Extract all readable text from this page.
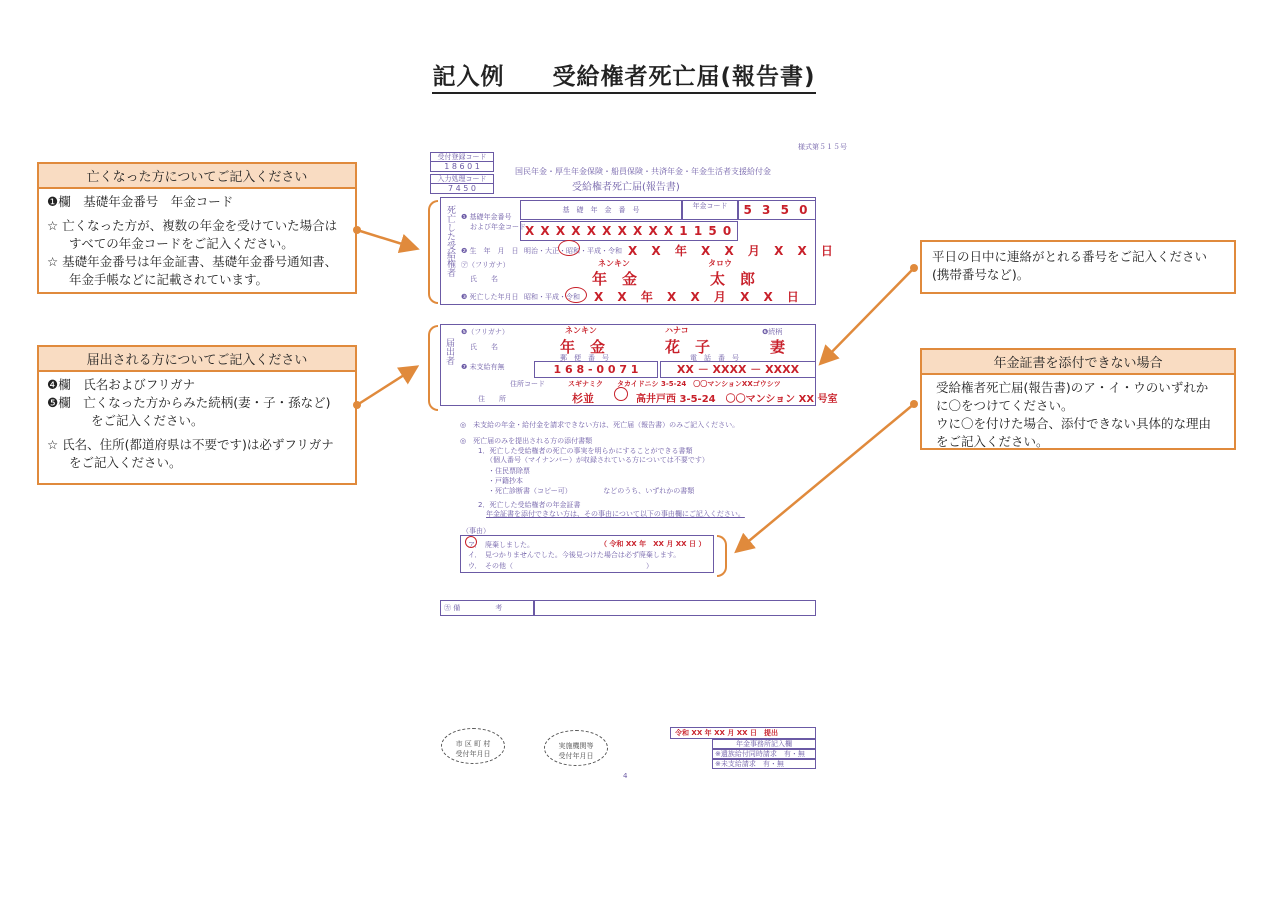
記入例　　受給権者死亡届(報告書)
亡くなった方についてご記入ください

❶欄　基礎年金番号　年金コード

☆ 亡くなった方が、複数の年金を受けていた場合は

すべての年金コードをご記入ください。

☆ 基礎年金番号は年金証書、基礎年金番号通知書、

年金手帳などに記載されています。

届出される方についてご記入ください

❹欄　氏名およびフリガナ

❺欄　亡くなった方からみた続柄(妻・子・孫など)

をご記入ください。

☆ 氏名、住所(都道府県は不要です)は必ずフリガナ

をご記入ください。

平日の日中に連絡がとれる番号をご記入ください(携帯番号など)。

年金証書を添付できない場合

受給権者死亡届(報告書)のア・イ・ウのいずれか

に〇をつけてください。

ウに〇を付けた場合、添付できない具体的な理由

をご記入ください。

様式第５１５号
受付登録コード
1 8 6 0 1
入力処理コード
7 4 5 0
国民年金・厚生年金保険・船員保険・共済年金・年金生活者支援給付金
受給権者死亡届(報告書)
死亡した受給権者 ❶ 基礎年金番号
および年金コード
基　礎　年　金　番　号	年金コード	5 3 5 0
X X X X X X X X X X 1 1 5 0
❷ 生　年　月　日 明治・大正・昭和・平成・令和 X X 年 X X 月 X X 日
㋐（フリガナ）	ネンキン	タロウ
氏　　名	年　金	太　郎
❸ 死亡した年月日 昭和・平成・令和 X X 年 X X 月 X X 日
届出者
❺（フリガナ）	ネンキン	ハナコ	❻続柄
氏　　名	年　金	花　子	妻
❼ 未支給有無
郵　便　番　号	電　話　番　号
1 6 8 - 0 0 7 1	XX － XXXX － XXXX
住所コード	スギナミク　　タカイドニシ 3-5-24　〇〇マンションXXゴウシツ
住　　所	杉並	高井戸西 3-5-24　〇〇マンション XX 号室
◎　未支給の年金・給付金を請求できない方は、死亡届（報告書）のみご記入ください。
◎　死亡届のみを提出される方の添付書類
1．死亡した受給権者の死亡の事実を明らかにすることができる書類
（個人番号（マイナンバー）が収録されている方については不要です）
・住民票除票
・戸籍抄本
・死亡診断書（コピー可）　　　　　などのうち、いずれかの書類
2．死亡した受給権者の年金証書
年金証書を添付できない方は、その事由について以下の事由欄にご記入ください。
（事由）
ア．　廃棄しました。	（ 令和 XX 年　XX 月 XX 日 ）
イ．　見つかりませんでした。今後見つけた場合は必ず廃棄します。
ウ．　その他（　　　　　　　　　　　　　　　　　　　）
㋕ 備　　　　　考
市 区 町 村
受付年月日
実施機関等
受付年月日
令和 XX 年 XX 月 XX 日　提出
年金事務所記入欄
※遺族給付同時請求　有・無
※未支給請求　有・無
4
